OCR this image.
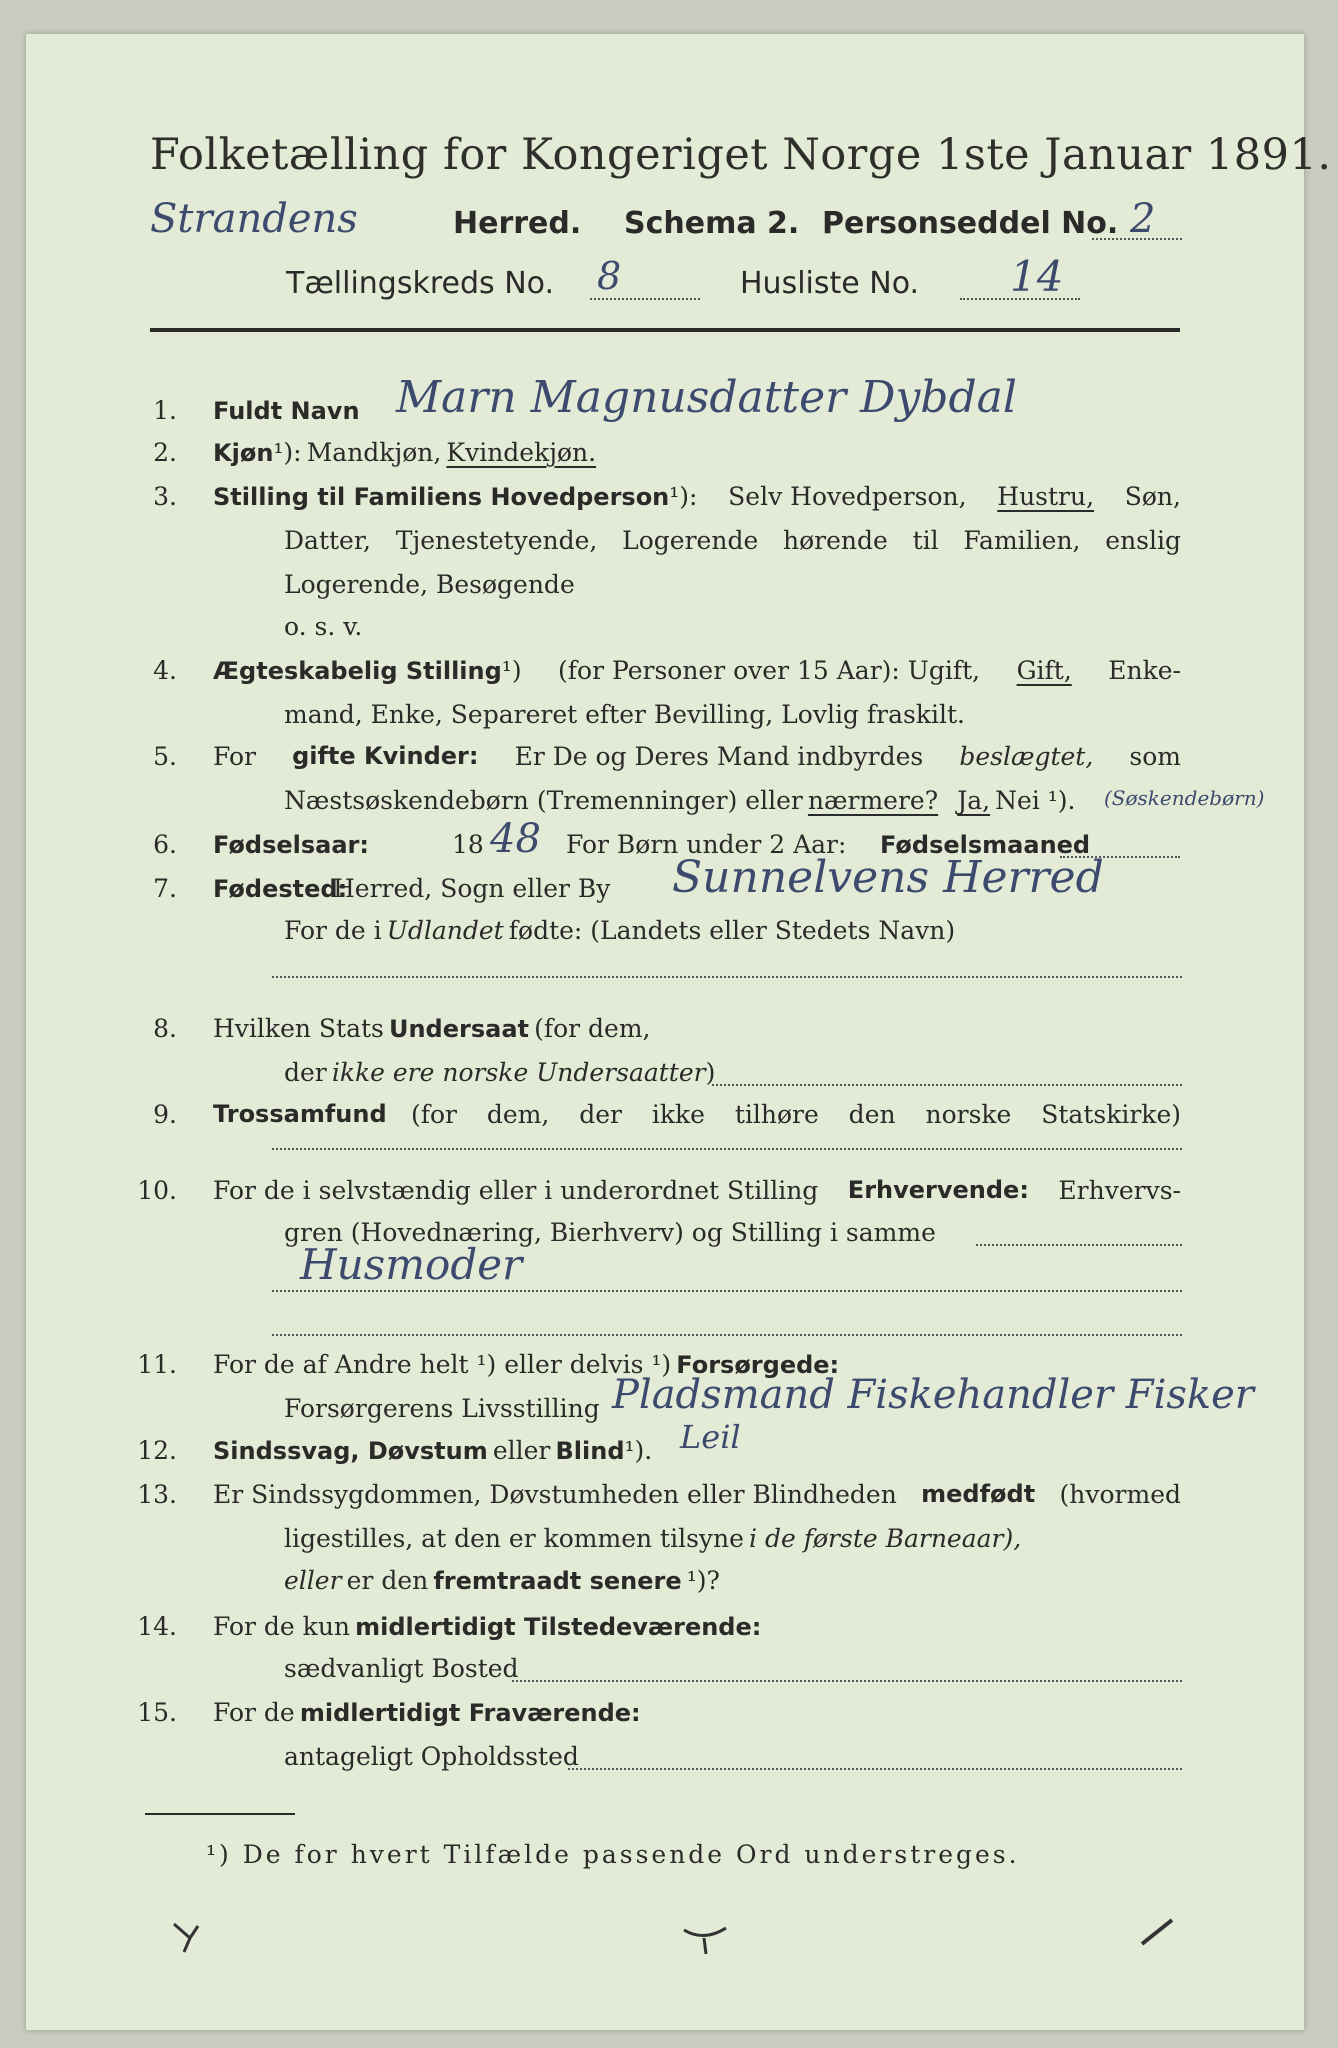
Folketælling for Kongeriget Norge 1ste Januar 1891.
Strandens	Herred. Schema 2. Personseddel No. 2
Tællingskreds No. 8	Husliste No. 14
1. Fuldt Navn Marn Magnusdatter Dybdal
2. Kjøn¹): Mandkjøn, Kvindekjøn.
3. Stilling til Familiens Hovedperson¹): Selv Hovedperson, Hustru, Søn,
Datter, Tjenestetyende, Logerende hørende til Familien, enslig
Logerende, Besøgende
o. s. v.
4. Ægteskabelig Stilling¹) (for Personer over 15 Aar): Ugift, Gift, Enke-
mand, Enke, Separeret efter Bevilling, Lovlig fraskilt.
5. For gifte Kvinder: Er De og Deres Mand indbyrdes beslægtet, som
Næstsøskendebørn (Tremenninger) eller nærmere? Ja, Nei ¹). (Søskendebørn)
6. Fødselsaar:	18 48 For Børn under 2 Aar: Fødselsmaaned
7. Fødested:
Herred, Sogn eller By Sunnelvens Herred
For de i Udlandet fødte: (Landets eller Stedets Navn)
8. Hvilken Stats Undersaat (for dem,
der ikke ere norske Undersaatter)
9. Trossamfund (for dem, der ikke tilhøre den norske Statskirke)
10. For de i selvstændig eller i underordnet Stilling Erhvervende: Erhvervs-
gren (Hovednæring, Bierhverv) og Stilling i samme
Husmoder
11. For de af Andre helt ¹) eller delvis ¹) Forsørgede:
Forsørgerens Livsstilling Pladsmand Fiskehandler Fisker
12. Sindssvag, Døvstum eller Blind¹). Leil
13. Er Sindssygdommen, Døvstumheden eller Blindheden medfødt (hvormed
ligestilles, at den er kommen tilsyne i de første Barneaar),
eller er den fremtraadt senere ¹)?
14. For de kun midlertidigt Tilstedeværende:
sædvanligt Bosted
15. For de midlertidigt Fraværende:
antageligt Opholdssted
¹) De for hvert Tilfælde passende Ord understreges.
